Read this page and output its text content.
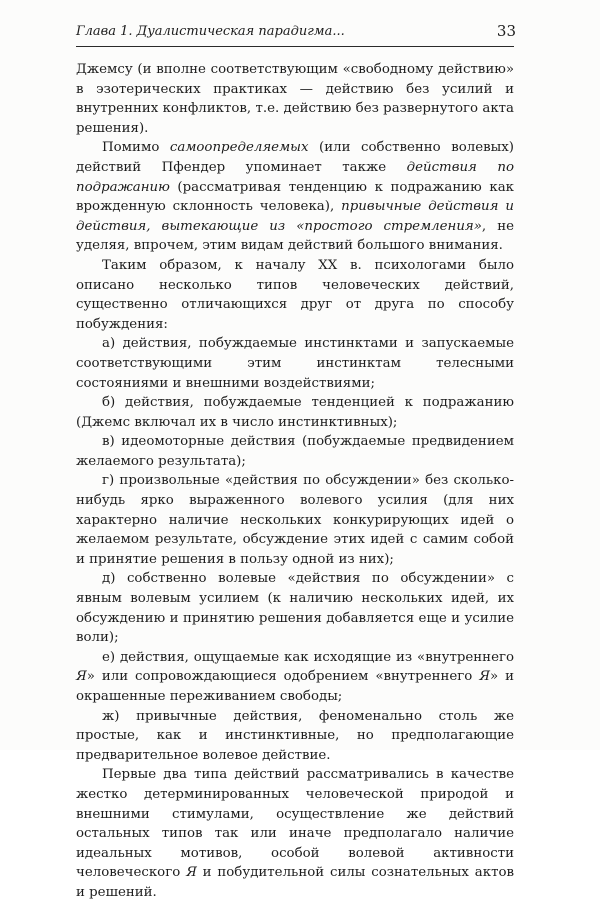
Глава 1. Дуалистическая парадигма...	33

Джемсу (и вполне соответствующим «свободному действию» в эзотерических практиках — действию без усилий и внутренних конфликтов, т.е. действию без развернутого акта решения).

Помимо самоопределяемых (или собственно волевых) действий Пфендер упоминает также действия по подражанию (рассматривая тенденцию к подражанию как врожденную склонность человека), привычные действия и действия, вытекающие из «простого стремления», не уделяя, впрочем, этим видам действий большого внимания.

Таким образом, к началу XX в. психологами было описано несколько типов человеческих действий, существенно отличающихся друг от друга по способу побуждения:

а) действия, побуждаемые инстинктами и запускаемые соответствующими этим инстинктам телесными состояниями и внешними воздействиями;

б) действия, побуждаемые тенденцией к подражанию (Джемс включал их в число инстинктивных);

в) идеомоторные действия (побуждаемые предвидением желаемого результата);

г) произвольные «действия по обсуждении» без сколько-нибудь ярко выраженного волевого усилия (для них характерно наличие нескольких конкурирующих идей о желаемом результате, обсуждение этих идей с самим собой и принятие решения в пользу одной из них);

д) собственно волевые «действия по обсуждении» с явным волевым усилием (к наличию нескольких идей, их обсуждению и принятию решения добавляется еще и усилие воли);

е) действия, ощущаемые как исходящие из «внутреннего Я» или сопровождающиеся одобрением «внутреннего Я» и окрашенные переживанием свободы;

ж) привычные действия, феноменально столь же простые, как и инстинктивные, но предполагающие предварительное волевое действие.

Первые два типа действий рассматривались в качестве жестко детерминированных человеческой природой и внешними стимулами, осуществление же действий остальных типов так или иначе предполагало наличие идеальных мотивов, особой волевой активности человеческого Я и побудительной силы сознательных актов и решений.
